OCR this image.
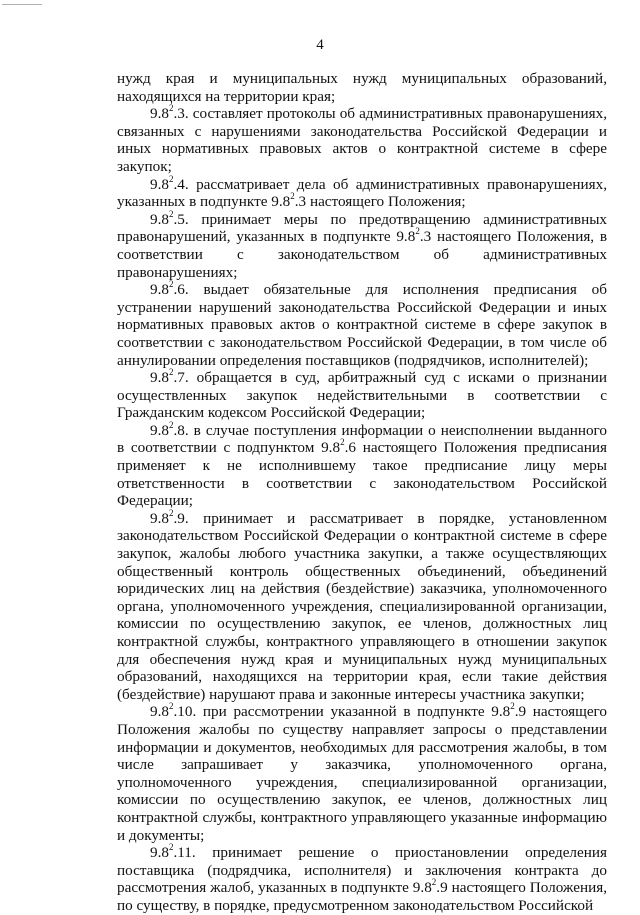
4

нужд края и муниципальных нужд муниципальных образований, находящихся на территории края;

$9.8^2.3$. составляет протоколы об административных правонарушениях, связанных с нарушениями законодательства Российской Федерации и иных нормативных правовых актов о контрактной системе в сфере закупок;

$9.8^2.4$. рассматривает дела об административных правонарушениях, указанных в подпункте $9.8^2.3$ настоящего Положения;

$9.8^2.5$. принимает меры по предотвращению административных правонарушений, указанных в подпункте $9.8^2.3$ настоящего Положения, в соответствии с законодательством об административных правонарушениях;

$9.8^2.6$. выдает обязательные для исполнения предписания об устранении нарушений законодательства Российской Федерации и иных нормативных правовых актов о контрактной системе в сфере закупок в соответствии с законодательством Российской Федерации, в том числе об аннулировании определения поставщиков (подрядчиков, исполнителей);

$9.8^2.7$. обращается в суд, арбитражный суд с исками о признании осуществленных закупок недействительными в соответствии с Гражданским кодексом Российской Федерации;

$9.8^2.8$. в случае поступления информации о неисполнении выданного в соответствии с подпунктом $9.8^2.6$ настоящего Положения предписания применяет к не исполнившему такое предписание лицу меры ответственности в соответствии с законодательством Российской Федерации;

$9.8^2.9$. принимает и рассматривает в порядке, установленном законодательством Российской Федерации о контрактной системе в сфере закупок, жалобы любого участника закупки, а также осуществляющих общественный контроль общественных объединений, объединений юридических лиц на действия (бездействие) заказчика, уполномоченного органа, уполномоченного учреждения, специализированной организации, комиссии по осуществлению закупок, ее членов, должностных лиц контрактной службы, контрактного управляющего в отношении закупок для обеспечения нужд края и муниципальных нужд муниципальных образований, находящихся на территории края, если такие действия (бездействие) нарушают права и законные интересы участника закупки;

$9.8^2.10$. при рассмотрении указанной в подпункте $9.8^2.9$ настоящего Положения жалобы по существу направляет запросы о представлении информации и документов, необходимых для рассмотрения жалобы, в том числе запрашивает у заказчика, уполномоченного органа, уполномоченного учреждения, специализированной организации, комиссии по осуществлению закупок, ее членов, должностных лиц контрактной службы, контрактного управляющего указанные информацию и документы;

$9.8^2.11$. принимает решение о приостановлении определения поставщика (подрядчика, исполнителя) и заключения контракта до рассмотрения жалоб, указанных в подпункте $9.8^2.9$ настоящего Положения, по существу, в порядке, предусмотренном законодательством Российской
